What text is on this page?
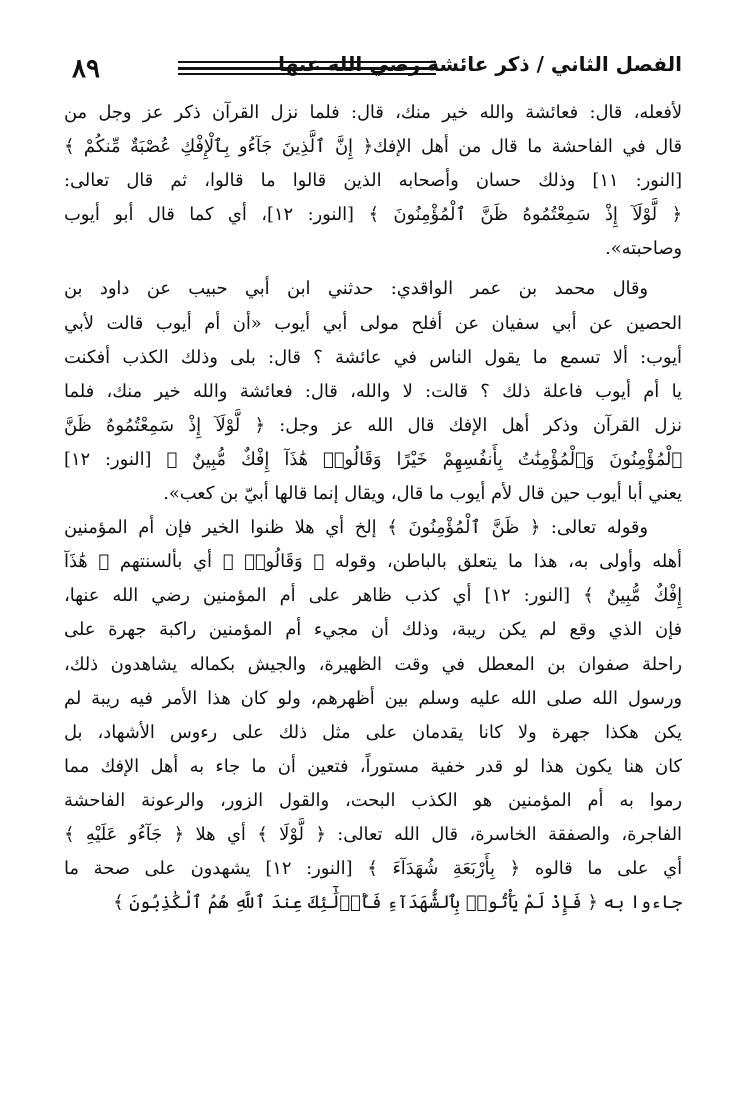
٨٩	الفصل الثاني / ذكر عائشة رضي الله عنها
لأفعله، قال: فعائشة والله خير منك، قال: فلما نزل القرآن ذكر عز وجل من
قال في الفاحشة ما قال من أهل الإفك﴿ إِنَّ ٱلَّذِينَ جَآءُو بِٱلْإِفْكِ عُصْبَةٌ مِّنكُمْ ﴾
[النور: ١١] وذلك حسان وأصحابه الذين قالوا ما قالوا، ثم قال تعالى:
﴿ لَّوْلَآ إِذْ سَمِعْتُمُوهُ ظَنَّ ٱلْمُؤْمِنُونَ ﴾ [النور: ١٢]، أي كما قال أبو أيوب
وصاحبته».
وقال محمد بن عمر الواقدي: حدثني ابن أبي حبيب عن داود بن
الحصين عن أبي سفيان عن أفلح مولى أبي أيوب «أن أم أيوب قالت لأبي
أيوب: ألا تسمع ما يقول الناس في عائشة ؟ قال: بلى وذلك الكذب أفكنت
يا أم أيوب فاعلة ذلك ؟ قالت: لا والله، قال: فعائشة والله خير منك، فلما
نزل القرآن وذكر أهل الإفك قال الله عز وجل: ﴿ لَّوْلَآ إِذْ سَمِعْتُمُوهُ ظَنَّ
ٱلْمُؤْمِنُونَ وَٱلْمُؤْمِنَٰتُ بِأَنفُسِهِمْ خَيْرًا وَقَالُوا۟ هَٰذَآ إِفْكٌ مُّبِينٌ ﴾ [النور: ١٢]
يعني أبا أيوب حين قال لأم أيوب ما قال، ويقال إنما قالها أبيّ بن كعب».
وقوله تعالى: ﴿ ظَنَّ ٱلْمُؤْمِنُونَ ﴾ إلخ أي هلا ظنوا الخير فإن أم المؤمنين
أهله وأولى به، هذا ما يتعلق بالباطن، وقوله ﴿ وَقَالُوا۟ ﴾ أي بألسنتهم ﴿ هَٰذَآ
إِفْكٌ مُّبِينٌ ﴾ [النور: ١٢] أي كذب ظاهر على أم المؤمنين رضي الله عنها،
فإن الذي وقع لم يكن ريبة، وذلك أن مجيء أم المؤمنين راكبة جهرة على
راحلة صفوان بن المعطل في وقت الظهيرة، والجيش بكماله يشاهدون ذلك،
ورسول الله صلى الله عليه وسلم بين أظهرهم، ولو كان هذا الأمر فيه ريبة لم
يكن هكذا جهرة ولا كانا يقدمان على مثل ذلك على رءوس الأشهاد، بل
كان هنا يكون هذا لو قدر خفية مستوراً، فتعين أن ما جاء به أهل الإفك مما
رموا به أم المؤمنين هو الكذب البحت، والقول الزور، والرعونة الفاحشة
الفاجرة، والصفقة الخاسرة، قال الله تعالى: ﴿ لَّوْلَا ﴾ أي هلا ﴿ جَآءُو عَلَيْهِ ﴾
أي على ما قالوه ﴿ بِأَرْبَعَةِ شُهَدَآءَ ﴾ [النور: ١٢] يشهدون على صحة ما
جاءوا به ﴿ فَإِذْ لَمْ يَأْتُوا۟ بِٱلشُّهَدَآءِ فَأُو۟لَٰٓئِكَ عِندَ ٱللَّهِ هُمُ ٱلْكَٰذِبُونَ ﴾
